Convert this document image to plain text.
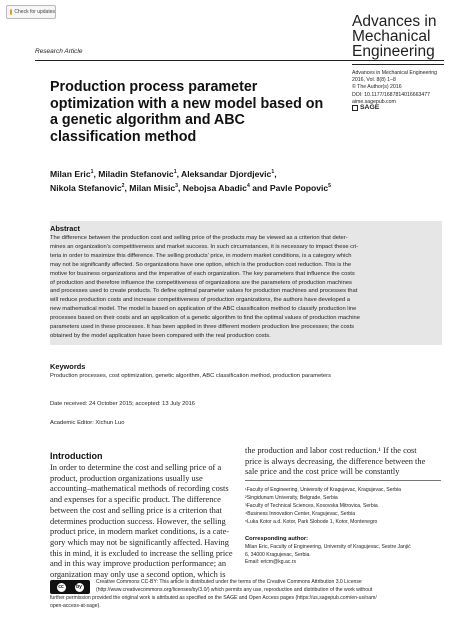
Check for updates
Advances in
Mechanical
Engineering
Research Article
Advances in Mechanical Engineering
2016, Vol. 8(8) 1–8
© The Author(s) 2016
DOI: 10.1177/1687814016663477
aime.sagepub.com
SAGE
Production process parameter optimization with a new model based on a genetic algorithm and ABC classification method
Milan Eric$^1$, Miladin Stefanovic$^1$, Aleksandar Djordjevic$^1$,
Nikola Stefanovic$^2$, Milan Misic$^3$, Nebojsa Abadic$^4$ and Pavle Popovic$^5$
Abstract
The difference between the production cost and selling price of the products may be viewed as a criterion that deter-
mines an organization’s competitiveness and market success. In such circumstances, it is necessary to impact these cri-
teria in order to maximize this difference. The selling products’ price, in modern market conditions, is a category which
may not be significantly affected. So organizations have one option, which is the production cost reduction. This is the
motive for business organizations and the imperative of each organization. The key parameters that influence the costs
of production and therefore influence the competitiveness of organizations are the parameters of production machines
and processes used to create products. To define optimal parameter values for production machines and processes that
will reduce production costs and increase competitiveness of production organizations, the authors have developed a
new mathematical model. The model is based on application of the ABC classification method to classify production line
processes based on their costs and an application of a genetic algorithm to find the optimal values of production machine
parameters used in these processes. It has been applied in three different modern production line processes; the costs
obtained by the model application have been compared with the real production costs.
Keywords
Production processes, cost optimization, genetic algorithm, ABC classification method, production parameters
Date received: 24 October 2015; accepted: 13 July 2016
Academic Editor: Xichun Luo
Introduction
In order to determine the cost and selling price of a
product, production organizations usually use
accounting–mathematical methods of recording costs
and expenses for a specific product. The difference
between the cost and selling price is a criterion that
determines production success. However, the selling
product price, in modern market conditions, is a cate-
gory which may not be significantly affected. Having
this in mind, it is excluded to increase the selling price
and in this way improve production performance; an
organization may only use a second option, which is
the production and labor cost reduction.¹ If the cost
price is always decreasing, the difference between the
sale price and the cost price will be constantly
¹Faculty of Engineering, University of Kragujevac, Kragujevac, Serbia
²Singidunum University, Belgrade, Serbia
³Faculty of Technical Sciences, Kosovska Mitrovica, Serbia
⁴Business Innovation Center, Kragujevac, Serbia
⁵Luka Kotor a.d. Kotor, Park Slobode 1, Kotor, Montenegro
Corresponding author:
Milan Eric, Faculty of Engineering, University of Kragujevac, Sestre Janjić
6, 34000 Kragujevac, Serbia.
Email: ericm@kg.ac.rs
cc	by
Creative Commons CC-BY: This article is distributed under the terms of the Creative Commons Attribution 3.0 License
(http://www.creativecommons.org/licenses/by/3.0/) which permits any use, reproduction and distribution of the work without
further permission provided the original work is attributed as specified on the SAGE and Open Access pages (https://us.sagepub.com/en-us/nam/
open-access-at-sage).
